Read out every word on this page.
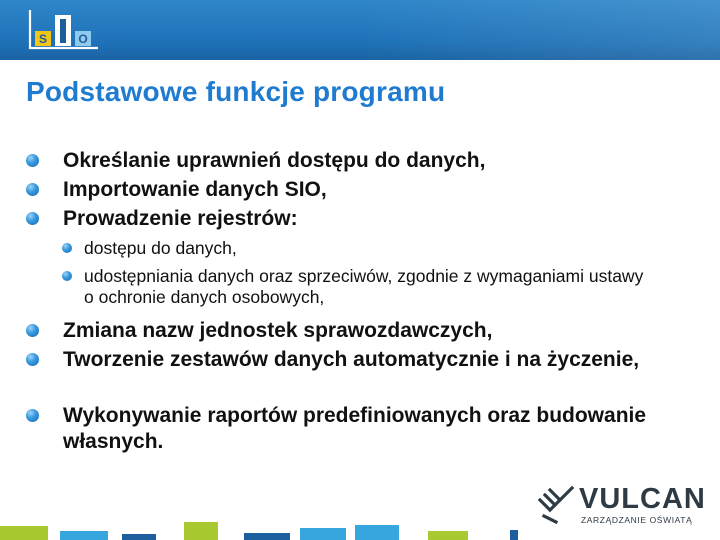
S	O
Podstawowe funkcje programu
Określanie uprawnień dostępu do danych,
Importowanie danych SIO,
Prowadzenie rejestrów:
dostępu do danych,
udostępniania danych oraz sprzeciwów, zgodnie z wymaganiami ustawy o ochronie danych osobowych,
Zmiana nazw jednostek sprawozdawczych,
Tworzenie zestawów danych automatycznie i na życzenie,
Wykonywanie raportów predefiniowanych oraz budowanie własnych.
VULCAN
ZARZĄDZANIE OŚWIATĄ
